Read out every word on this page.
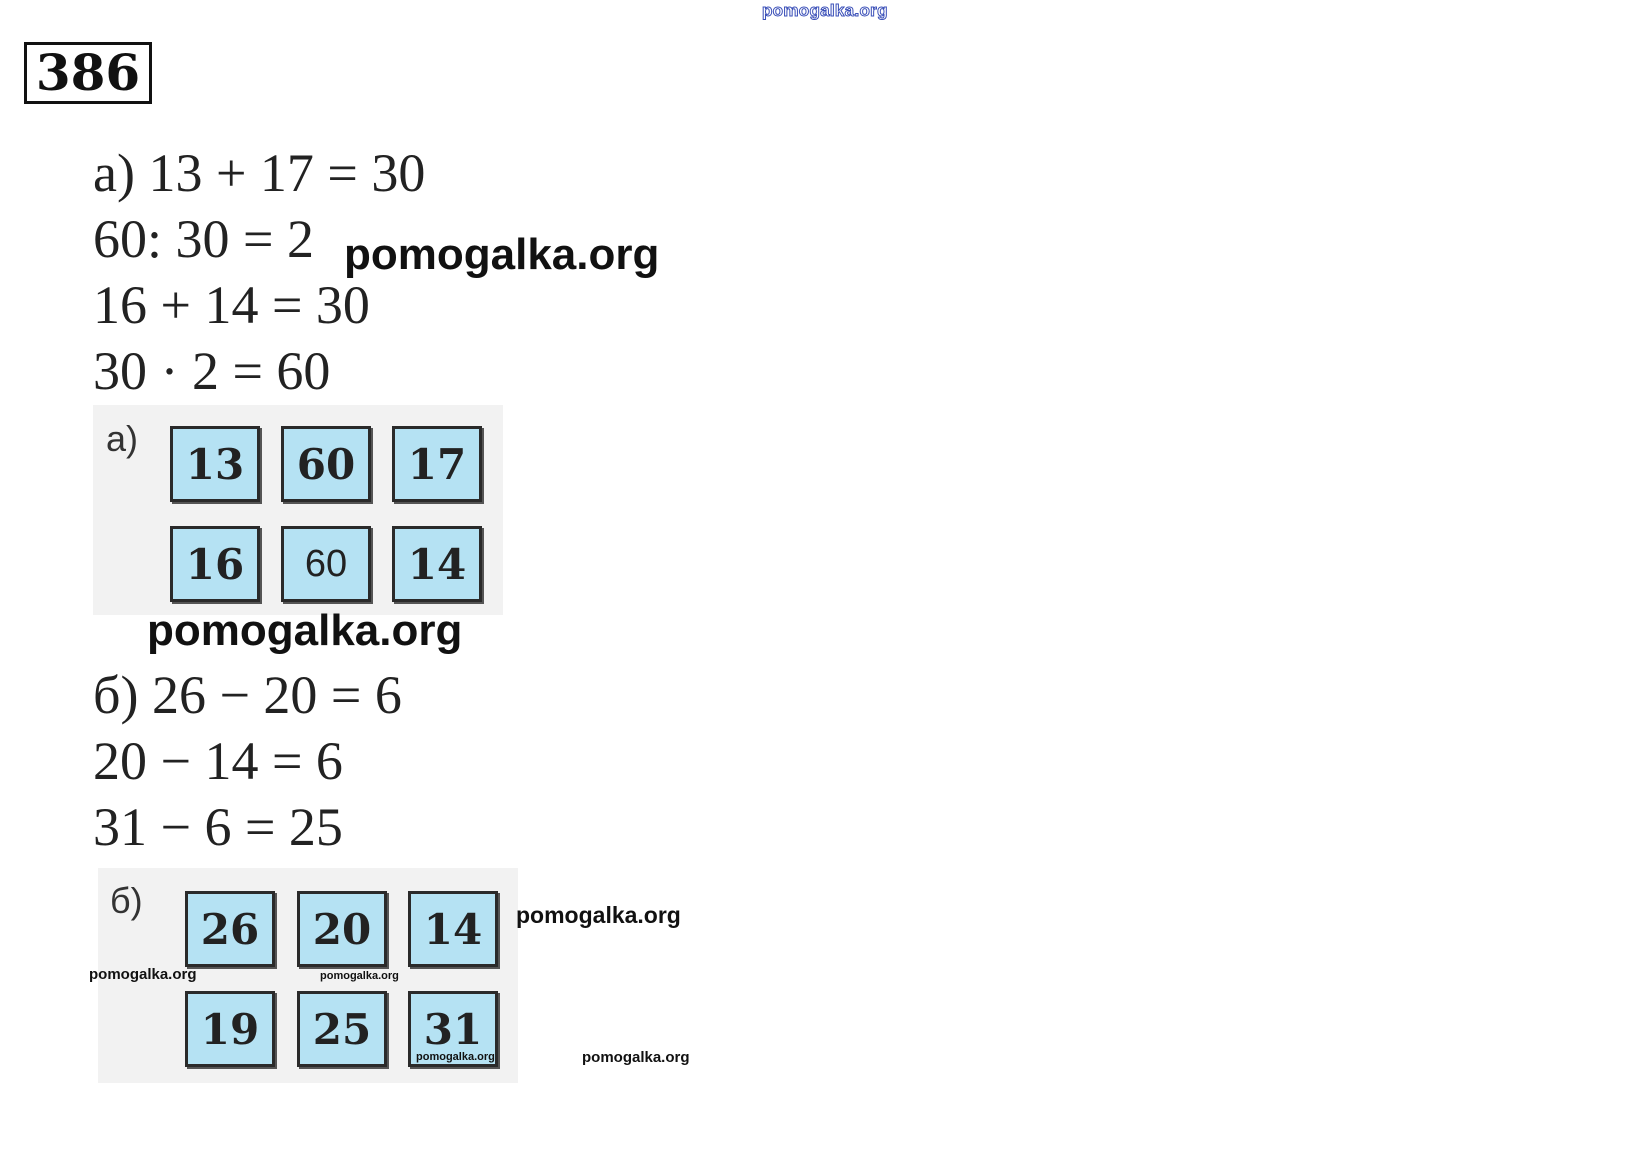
pomogalka.org
386
а) 13 + 17 = 30
60: 30 = 2
16 + 14 = 30
30 · 2 = 60
pomogalka.org
а)
13	60	17
16	60	14
pomogalka.org
б) 26 − 20 = 6
20 − 14 = 6
31 − 6 = 25
б)
26	20	14
19	25	31
pomogalka.org
pomogalka.org	pomogalka.org
pomogalka.org	pomogalka.org
